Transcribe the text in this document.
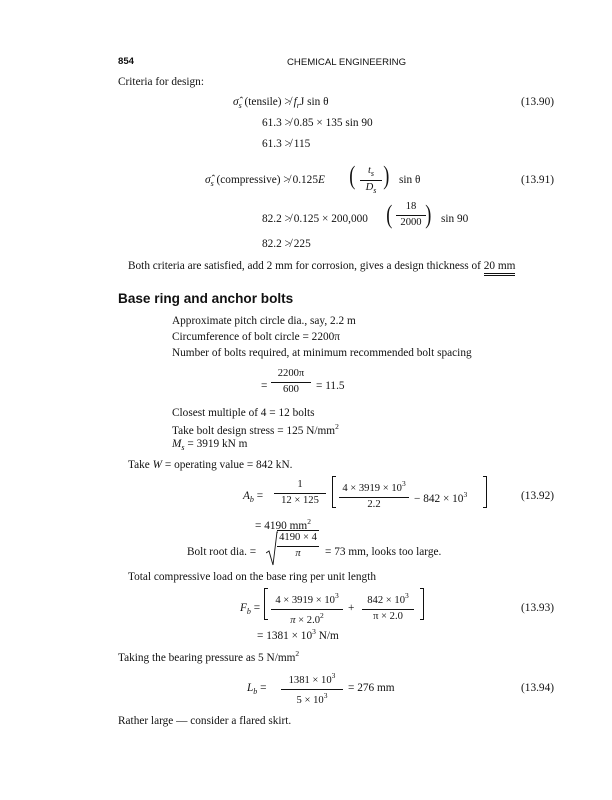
854	CHEMICAL ENGINEERING
Criteria for design:
$\sigmâ_s$ (tensile) ≯ $f_rJ$ sin θ	(13.90)
61.3 ≯ 0.85 × 135 sin 90
61.3 ≯ 115
$\sigmâ_s$ (compressive) ≯ 0.125E (	$t_s$
$D_s$
) sin θ	(13.91)
82.2 ≯ 0.125 × 200,000 (	18
2000 ) sin 90
82.2 ≯ 225
Both criteria are satisfied, add 2 mm for corrosion, gives a design thickness of 20 mm
Base ring and anchor bolts
Approximate pitch circle dia., say, 2.2 m
Circumference of bolt circle = 2200π
Number of bolts required, at minimum recommended bolt spacing
=
2200π
600	= 11.5
Closest multiple of 4 = 12 bolts
Take bolt design stress = 125 $N/mm^2$
$M_s = 3919$ kN m
Take W = operating value = 842 kN.
$A_b$ =
1
12 × 125
$4 \times 3919 \times 10^3$
2.2	− $842 \times 10^3$	(13.92)
= 4190 $mm^2$
Bolt root dia. =
4190 × 4
π	= 73 mm, looks too large.
Total compressive load on the base ring per unit length
$F_b$ =
$4 \times 3919 \times 10^3$
$\pi \times 2.0^2$
+
$842 \times 10^3$
π × 2.0
(13.93)
= $1381 \times 10^3$ N/m
Taking the bearing pressure as 5 $N/mm^2$
$L_b$ =
$1381 \times 10^3$
$5 \times 10^3$
= 276 mm	(13.94)
Rather large — consider a flared skirt.
